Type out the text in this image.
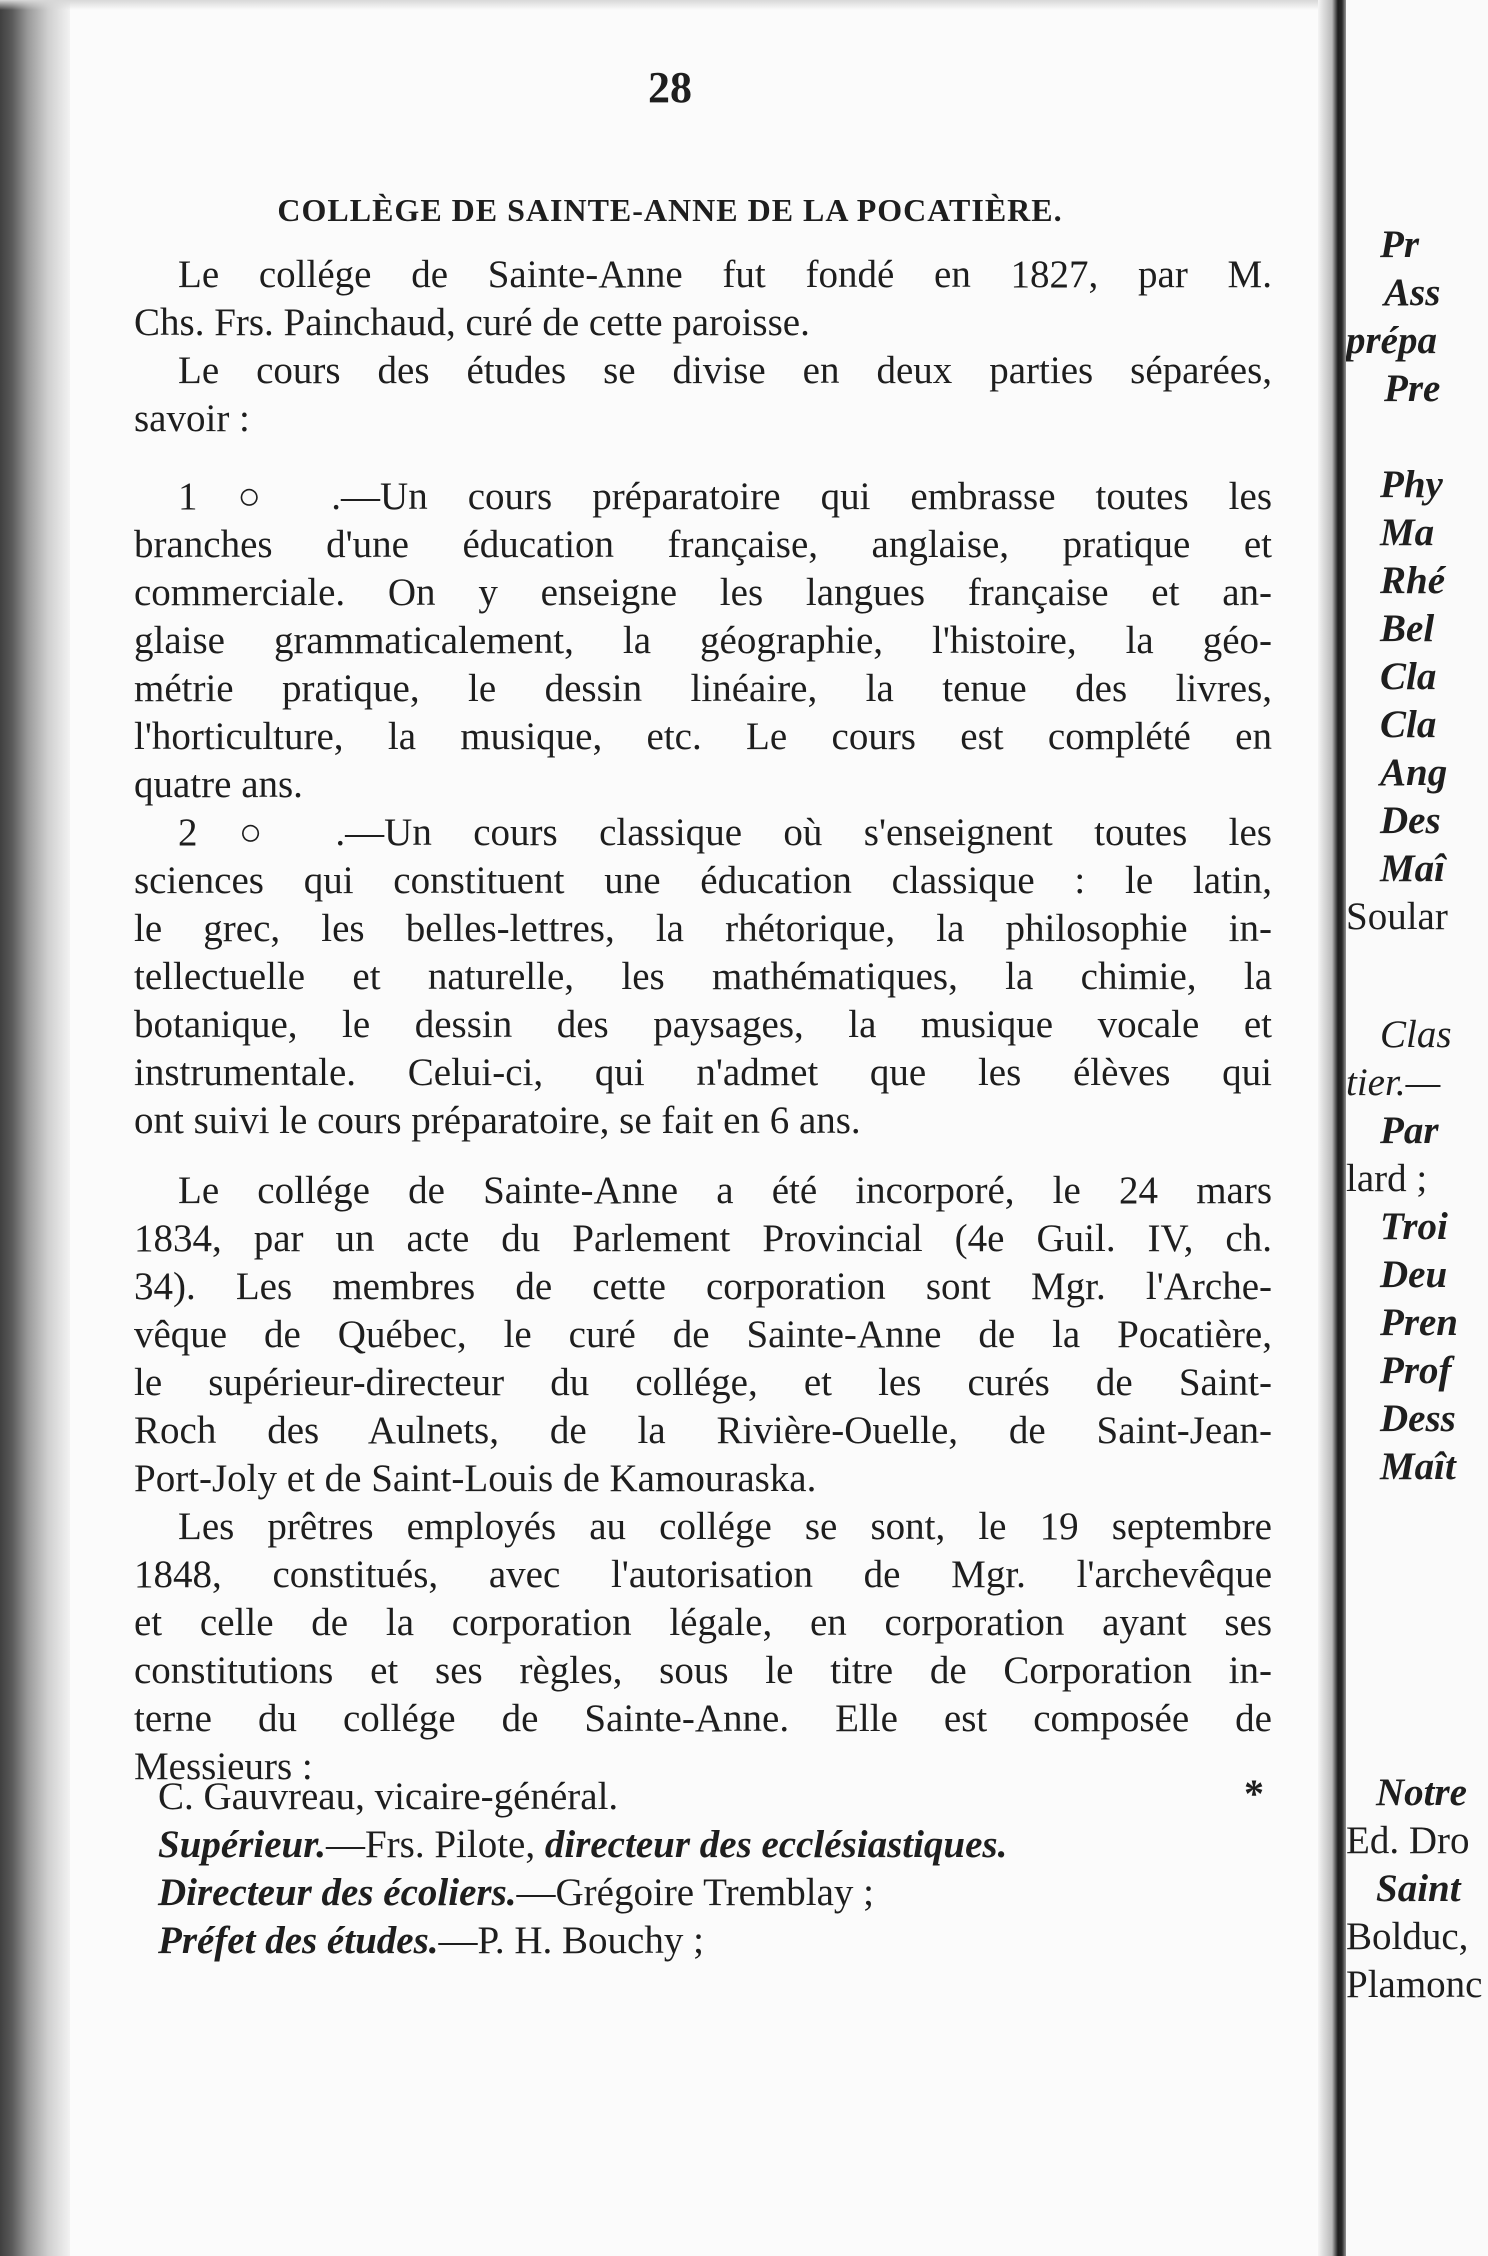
28
COLLÈGE DE SAINTE-ANNE DE LA POCATIÈRE.
Le collége de Sainte-Anne fut fondé en 1827, par M.
Chs. Frs. Painchaud, curé de cette paroisse.
Le cours des études se divise en deux parties séparées,
savoir :
1 ○ .—Un cours préparatoire qui embrasse toutes les
branches d'une éducation française, anglaise, pratique et
commerciale. On y enseigne les langues française et an-
glaise grammaticalement, la géographie, l'histoire, la géo-
métrie pratique, le dessin linéaire, la tenue des livres,
l'horticulture, la musique, etc. Le cours est complété en
quatre ans.
2 ○ .—Un cours classique où s'enseignent toutes les
sciences qui constituent une éducation classique : le latin,
le grec, les belles-lettres, la rhétorique, la philosophie in-
tellectuelle et naturelle, les mathématiques, la chimie, la
botanique, le dessin des paysages, la musique vocale et
instrumentale. Celui-ci, qui n'admet que les élèves qui
ont suivi le cours préparatoire, se fait en 6 ans.
Le collége de Sainte-Anne a été incorporé, le 24 mars
1834, par un acte du Parlement Provincial (4e Guil. IV, ch.
34). Les membres de cette corporation sont Mgr. l'Arche-
vêque de Québec, le curé de Sainte-Anne de la Pocatière,
le supérieur-directeur du collége, et les curés de Saint-
Roch des Aulnets, de la Rivière-Ouelle, de Saint-Jean-
Port-Joly et de Saint-Louis de Kamouraska.
Les prêtres employés au collége se sont, le 19 septembre
1848, constitués, avec l'autorisation de Mgr. l'archevêque
et celle de la corporation légale, en corporation ayant ses
constitutions et ses règles, sous le titre de Corporation in-
terne du collége de Sainte-Anne. Elle est composée de
Messieurs :
C. Gauvreau, vicaire-général.
Supérieur.—Frs. Pilote, directeur des ecclésiastiques.
Directeur des écoliers.—Grégoire Tremblay ;
Préfet des études.—P. H. Bouchy ;
*
Pr
Ass
prépa
Pre
Phy
Ma
Rhé
Bel
Cla
Cla
Ang
Des
Maî
Soular
Clas
tier.—
Par
lard ;
Troi
Deu
Pren
Prof
Dess
Maît
Notre
Ed. Dro
Saint
Bolduc,
Plamonc
